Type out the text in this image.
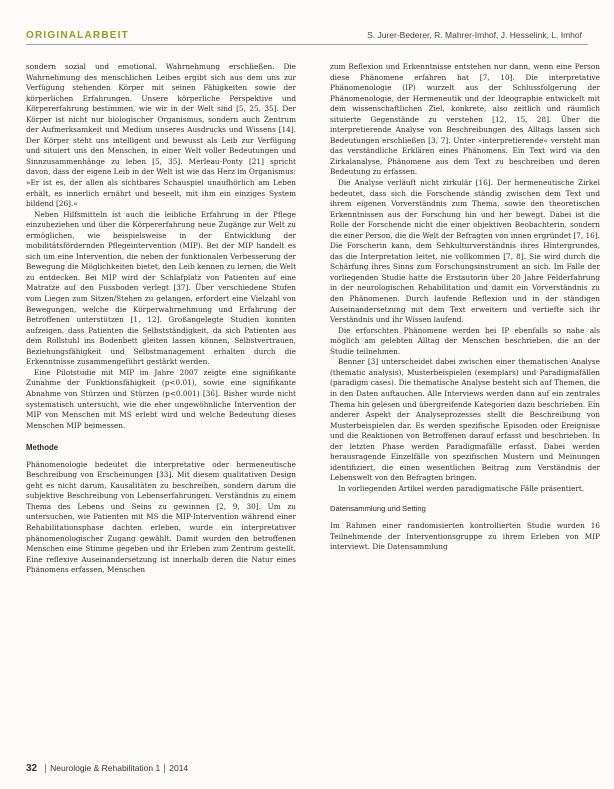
ORIGINALARBEIT	S. Jurer-Bederer, R. Mahrer-Imhof, J. Hesselink, L. Imhof

sondern sozial und emotional. Wahrnehmung erschließen. Die Wahrnehmung des menschlichen Leibes ergibt sich aus dem uns zur Verfügung stehenden Körper mit seinen Fähigkeiten sowie der körperlichen Erfahrungen. Unsere körperliche Perspektive und Körpererfahrung bestimmen, wie wir in der Welt sind [5, 25, 35]. Der Körper ist nicht nur biologischer Organismus, sondern auch Zentrum der Aufmerksamkeit und Medium unseres Ausdrucks und Wissens [14]. Der Körper steht uns intelligent und bewusst als Leib zur Verfügung und situiert uns den Menschen, in einer Welt voller Bedeutungen und Sinnzusammenhänge zu leben [5, 35]. Merleau-Ponty [21] spricht davon, dass der eigene Leib in der Welt ist wie das Herz im Organismus: »Er ist es, der allen als sichtbares Schauspiel unaufhörlich am Leben erhält, es innerlich ernährt und beseelt, mit ihm ein einziges System bildend [26].«

Neben Hilfsmitteln ist auch die leibliche Erfahrung in der Pflege einzubeziehen und über die Körpererfahrung neue Zugänge zur Welt zu ermöglichen, wie beispielsweise in der Entwicklung der mobilitätsfördernden Pflegeintervention (MIP). Bei der MIP handelt es sich um eine Intervention, die neben der funktionalen Verbesserung der Bewegung die Möglichkeiten bietet, den Leib kennen zu lernen, die Welt zu entdecken. Bei MIP wird der Schlafplatz von Patienten auf eine Matratze auf den Fussboden verlegt [37]. Über verschiedene Stufen vom Liegen zum Sitzen/Stehen zu gelangen, erfordert eine Vielzahl von Bewegungen, welche die Körperwahrnehmung und Erfahrung der Betroffenen unterstützen [1, 12]. Großangelegte Studien konnten aufzeigen, dass Patienten die Selbstständigkeit, da sich Patienten aus dem Rollstuhl ins Bodenbett gleiten lassen können, Selbstvertrauen, Beziehungsfähigkeit und Selbstmanagement erhalten durch die Erkenntnisse zusammengeführt gestärkt werden.

Eine Pilotstudie mit MIP im Jahre 2007 zeigte eine signifikante Zunahme der Funktionsfähigkeit (p<0.01), sowie eine signifikante Abnahme von Stürzen und Stürzen (p<0.001) [36]. Bisher wurde nicht systematisch untersucht, wie die eher ungewöhnliche Intervention der MIP von Menschen mit MS erlebt wird und welche Bedeutung dieses Menschen MIP beimessen.

Methode

Phänomenologie bedeutet die interpretative oder hermeneutische Beschreibung von Erscheinungen [33]. Mit diesem qualitativen Design geht es nicht darum, Kausalitäten zu beschreiben, sondern darum die subjektive Beschreibung von Lebenserfahrungen. Verständnis zu einem Thema des Lebens und Seins zu gewinnen [2, 9, 30]. Um zu untersuchen, wie Patienten mit MS die MIP-Intervention während einer Rehabilitationsphase dachten erleben, wurde ein interpretativer phänomenologischer Zugang gewählt. Damit wurden den betroffenen Menschen eine Stimme gegeben und ihr Erleben zum Zentrum gestellt. Eine reflexive Auseinandersetzung ist innerhalb deren die Natur eines Phänomens erfassen, Menschen

zum Reflexion und Erkenntnisse entstehen nur dann, wenn eine Person diese Phänomene erfahren hat [7, 10]. Die interpretative Phänomenologie (IP) wurzelt aus der Schlussfolgerung der Phänomenologie, der Hermeneutik und der Ideographie entwickelt mit dem wissenschaftlichen Ziel, konkrete, also zeitlich und räumlich situierte Gegenstände zu verstehen [12, 15, 28]. Über die interpretierende Analyse von Beschreibungen des Alltags lassen sich Bedeutungen erschließen [3, 7]. Unter »interpretierende« versteht man das verständliche Erklären eines Phänomens. Ein Text wird via den Zirkalanalyse, Phänomene aus dem Text zu beschreiben und deren Bedeutung zu erfassen.

Die Analyse verläuft nicht zirkulär [16]. Der hermeneutische Zirkel bedeutet, dass sich die Forschende ständig zwischen dem Text und ihrem eigenen Vorverständnis zum Thema, sowie den theoretischen Erkenntnissen aus der Forschung hin und her bewegt. Dabei ist die Rolle der Forschende nicht die einer objektiven Beobachterin, sondern die einer Person, die die Welt der Befragten von innen ergründet [7, 16]. Die Forscherin kann, dem Sehkulturverständnis ihres Hintergrundes, das die Interpretation leitet, nie vollkommen [7, 8]. Sie wird durch die Schärfung ihres Sinns zum Forschungsinstrument an sich. Im Falle der vorliegenden Studie hatte die Erstautorin über 20 Jahre Felderfahrung in der neurologischen Rehabilitation und damit ein Vorverständnis zu den Phänomenen. Durch laufende Reflexion und in der ständigen Auseinandersetzung mit dem Text erweitern und vertiefte sich ihr Verständnis und ihr Wissen laufend.

Die erforschten Phänomene werden bei IP ebenfalls so nahe als möglich am gelebten Alltag der Menschen beschrieben, die an der Studie teilnehmen.

Benner [3] unterscheidet dabei zwischen einer thematischen Analyse (thematic analysis), Musterbeispielen (exemplars) und Paradigmafällen (paradigm cases). Die thematische Analyse besteht sich auf Themen, die in den Daten auftauchen. Alle Interviews werden dann auf ein zentrales Thema hin gelesen und übergreifende Kategorien dazu beschrieben. Ein anderer Aspekt der Analyseprozesses stellt die Beschreibung von Musterbeispielen dar. Es werden spezifische Episoden oder Ereignisse und die Reaktionen von Betroffenen darauf erfasst und beschrieben. In der letzten Phase werden Paradigmafälle erfasst. Dabei werden herausragende Einzelfälle von spezifischen Mustern und Meinungen identifiziert, die einen wesentlichen Beitrag zum Verständnis der Lebenswelt von den Befragten bringen.

In vorliegenden Artikel werden paradigmatische Fälle präsentiert.

Datensammlung und Setting

Im Rahmen einer randomisierten kontrollierten Studie wurden 16 Teilnehmende der Interventionsgruppe zu ihrem Erleben von MIP interviewt. Die Datensammlung

32 Neurologie & Rehabilitation 1 2014
